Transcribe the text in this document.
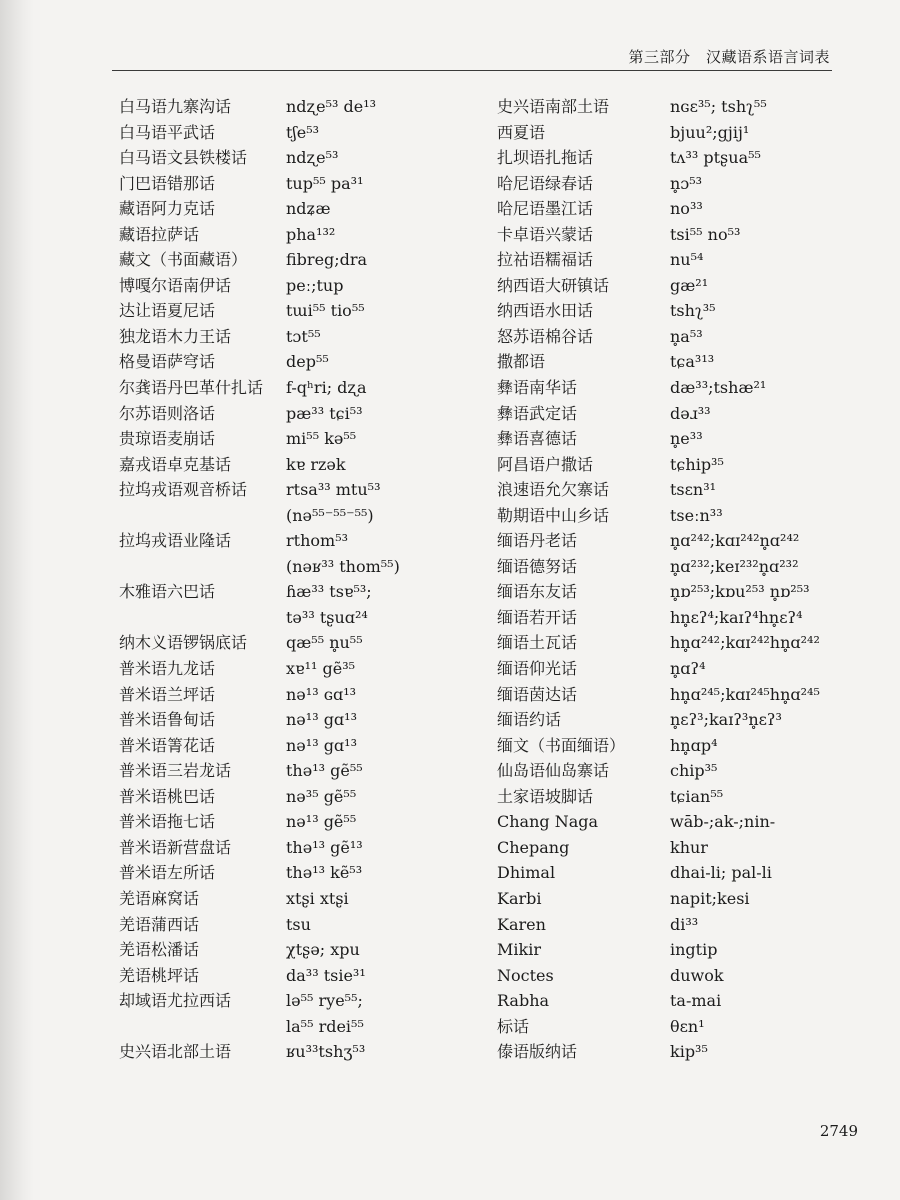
第三部分　汉藏语系语言词表
白马语九寨沟话	ndʐe⁵³ de¹³
白马语平武话	tʃe⁵³
白马语文县铁楼话	ndʐe⁵³
门巴语错那话	tup⁵⁵ pa³¹
藏语阿力克话	ndʑæ
藏语拉萨话	pha¹³²
藏文（书面藏语）	fibreg;dra
博嘎尔语南伊话	peː;tup
达让语夏尼话	tɯi⁵⁵ tio⁵⁵
独龙语木力王话	tɔt⁵⁵
格曼语萨穹话	dep⁵⁵
尔龚语丹巴革什扎话	f-qʰri; dʐa
尔苏语则洛话	pæ³³ tɕi⁵³
贵琼语麦崩话	mi⁵⁵ kə⁵⁵
嘉戎语卓克基话	kɐ rzək
拉坞戎语观音桥话	rtsa³³ mtu⁵³
(nə⁵⁵⁻⁵⁵⁻⁵⁵)
拉坞戎语业隆话	rthom⁵³
(nəʁ³³ thom⁵⁵)
木雅语六巴话	ɦæ³³ tsɐ⁵³;
tə³³ tʂuɑ²⁴
纳木义语锣锅底话	qæ⁵⁵ n̥u⁵⁵
普米语九龙话	xɐ¹¹ gẽ³⁵
普米语兰坪话	nə¹³ ɢɑ¹³
普米语鲁甸话	nə¹³ gɑ¹³
普米语箐花话	nə¹³ gɑ¹³
普米语三岩龙话	thə¹³ gẽ⁵⁵
普米语桃巴话	nə³⁵ gẽ⁵⁵
普米语拖七话	nə¹³ gẽ⁵⁵
普米语新营盘话	thə¹³ gẽ¹³
普米语左所话	thə¹³ kẽ⁵³
羌语麻窝话	xtʂi xtʂi
羌语蒲西话	tsu
羌语松潘话	χtʂə; xpu
羌语桃坪话	da³³ tsie³¹
却域语尤拉西话	lə⁵⁵ rye⁵⁵;
la⁵⁵ rdei⁵⁵
史兴语北部土语	ʁu³³tshʒ⁵³
史兴语南部土语	nɢɛ³⁵; tshʅ⁵⁵
西夏语	bjuu²;gjij¹
扎坝语扎拖话	tʌ³³ ptʂua⁵⁵
哈尼语绿春话	n̥ɔ⁵³
哈尼语墨江话	no³³
卡卓语兴蒙话	tsi⁵⁵ no⁵³
拉祜语糯福话	nu⁵⁴
纳西语大研镇话	gæ²¹
纳西语水田话	tshʅ³⁵
怒苏语棉谷话	n̥a⁵³
撒都语	tɕa³¹³
彝语南华话	dæ³³;tshæ²¹
彝语武定话	dəɹ³³
彝语喜德话	n̥e³³
阿昌语户撒话	tɕhip³⁵
浪速语允欠寨话	tsɛn³¹
勒期语中山乡话	tseːn³³
缅语丹老话	n̥ɑ²⁴²;kɑɪ²⁴²n̥ɑ²⁴²
缅语德努话	n̥ɑ²³²;keɪ²³²n̥ɑ²³²
缅语东友话	n̥ɒ²⁵³;kɒu²⁵³ n̥ɒ²⁵³
缅语若开话	hn̥ɛʔ⁴;kaɪʔ⁴hn̥ɛʔ⁴
缅语土瓦话	hn̥ɑ²⁴²;kɑɪ²⁴²hn̥ɑ²⁴²
缅语仰光话	n̥ɑʔ⁴
缅语茵达话	hn̥ɑ²⁴⁵;kɑɪ²⁴⁵hn̥ɑ²⁴⁵
缅语约话	n̥ɛʔ³;kaɪʔ³n̥ɛʔ³
缅文（书面缅语）	hn̥ɑp⁴
仙岛语仙岛寨话	chip³⁵
土家语坡脚话	tɕian⁵⁵
Chang Naga	wāb-;ak-;nin-
Chepang	khur
Dhimal	dhai-li; pal-li
Karbi	napit;kesi
Karen	di³³
Mikir	ingtip
Noctes	duwok
Rabha	ta-mai
标话	θɛn¹
傣语版纳话	kip³⁵
2749
